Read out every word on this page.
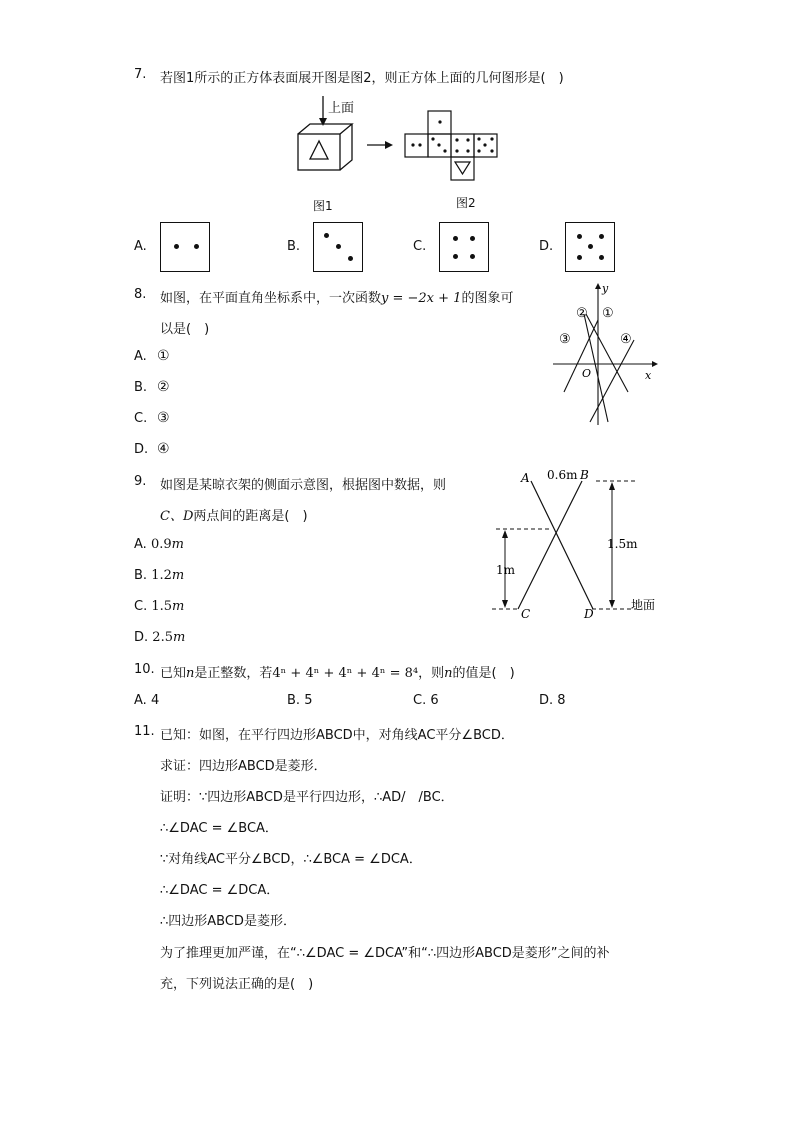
7. 若图1所示的正方体表面展开图是图2，则正方体上面的几何图形是(　)
上面
图1	图2
A.	B.	C.	D.
8. 如图，在平面直角坐标系中，一次函数y = −2x + 1的图象可
以是(　)
A. ①
B. ②
C. ③
D. ④
y
x
O
② ①
③	④
9. 如图是某晾衣架的侧面示意图，根据图中数据，则
C、D两点间的距离是(　)
A. 0.9m
B. 1.2m
C. 1.5m
D. 2.5m
A	B
0.6m
C	D
1.5m
1m
地面
10. 已知n是正整数，若4ⁿ + 4ⁿ + 4ⁿ + 4ⁿ = 8⁴，则n的值是(　)
A. 4	B. 5	C. 6	D. 8
11. 已知：如图，在平行四边形ABCD中，对角线AC平分∠BCD．
求证：四边形ABCD是菱形．
证明：∵四边形ABCD是平行四边形，∴AD/　/BC．
∴∠DAC = ∠BCA．
∵对角线AC平分∠BCD，∴∠BCA = ∠DCA．
∴∠DAC = ∠DCA．
∴四边形ABCD是菱形．
为了推理更加严谨，在“∴∠DAC = ∠DCA”和“∴四边形ABCD是菱形”之间的补
充，下列说法正确的是(　)
